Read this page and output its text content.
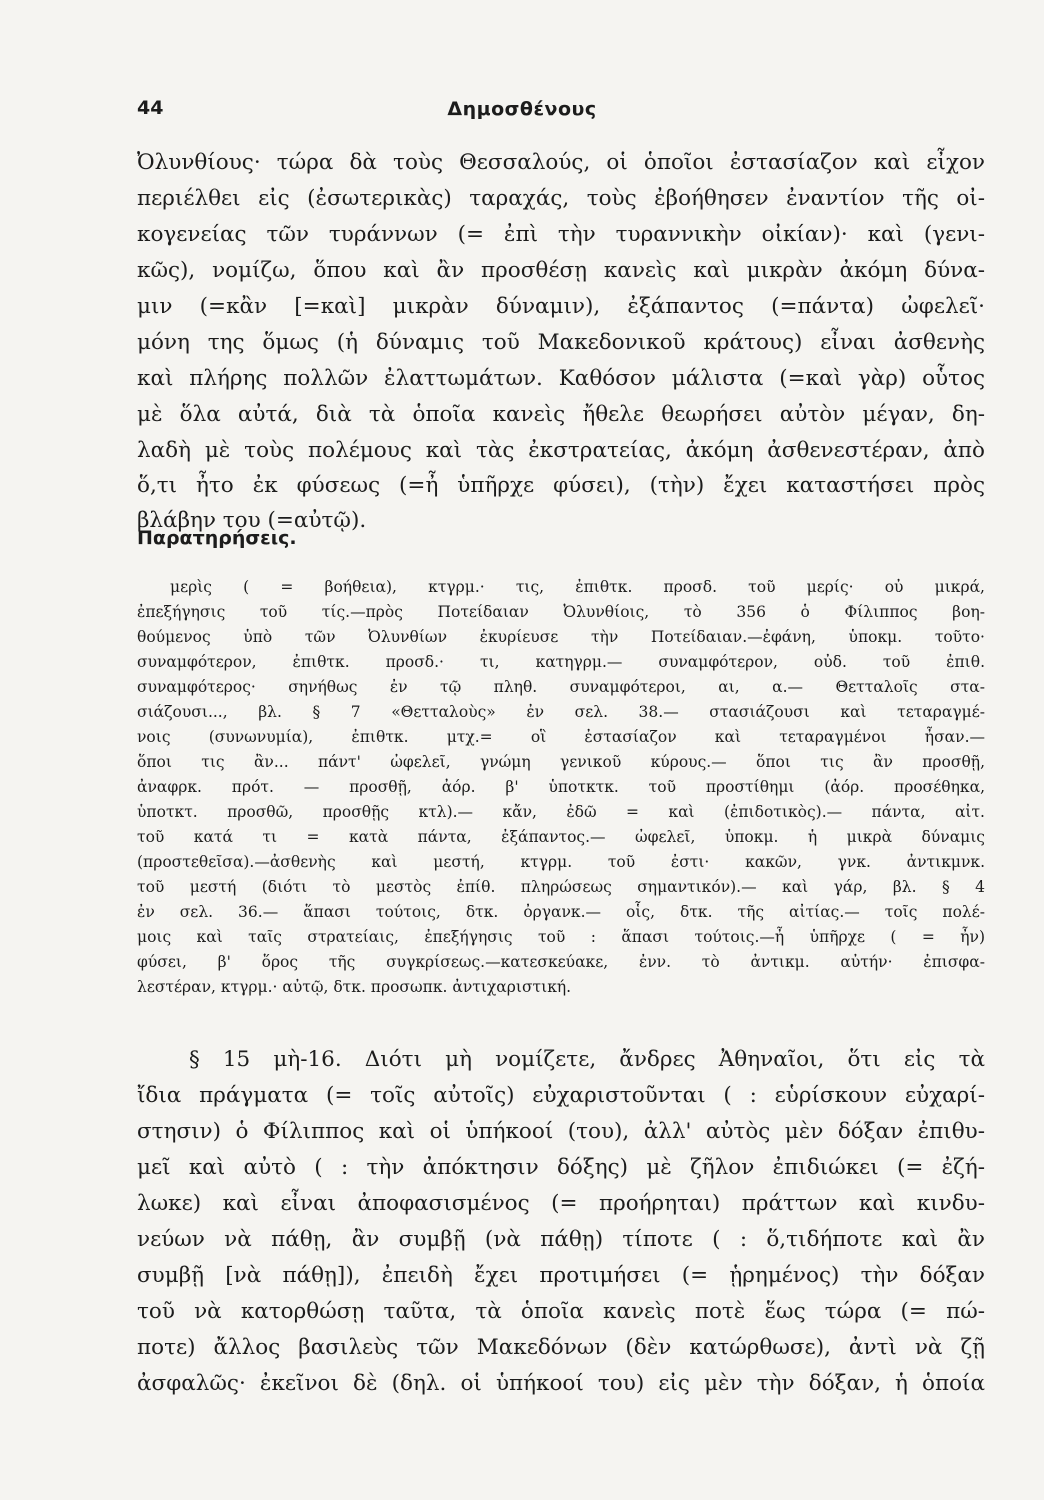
44	Δημοσθένους
Ὀλυνθίους· τώρα δὰ τοὺς Θεσσαλούς, οἱ ὁποῖοι ἐστασίαζον καὶ εἶχον
περιέλθει εἰς (ἐσωτερικὰς) ταραχάς, τοὺς ἐβοήθησεν ἐναντίον τῆς οἰ-
κογενείας τῶν τυράννων (= ἐπὶ τὴν τυραννικὴν οἰκίαν)· καὶ (γενι-
κῶς), νομίζω, ὅπου καὶ ἂν προσθέσῃ κανεὶς καὶ μικρὰν ἀκόμη δύνα-
μιν (=κἂν [=καὶ] μικρὰν δύναμιν), ἐξάπαντος (=πάντα) ὠφελεῖ·
μόνη της ὅμως (ἡ δύναμις τοῦ Μακεδονικοῦ κράτους) εἶναι ἀσθενὴς
καὶ πλήρης πολλῶν ἐλαττωμάτων. Καθόσον μάλιστα (=καὶ γὰρ) οὗτος
μὲ ὅλα αὐτά, διὰ τὰ ὁποῖα κανεὶς ἤθελε θεωρήσει αὐτὸν μέγαν, δη-
λαδὴ μὲ τοὺς πολέμους καὶ τὰς ἐκστρατείας, ἀκόμη ἀσθενεστέραν, ἀπὸ
ὅ,τι ἦτο ἐκ φύσεως (=ἦ ὑπῆρχε φύσει), (τὴν) ἔχει καταστήσει πρὸς
βλάβην του (=αὐτῷ).
Παρατηρήσεις.
μερὶς ( = βοήθεια), κτγρμ.· τις, ἐπιθτκ. προσδ. τοῦ μερίς· οὐ μικρά,
ἐπεξήγησις τοῦ τίς.—πρὸς Ποτείδαιαν Ὀλυνθίοις, τὸ 356 ὁ Φίλιππος βοη-
θούμενος ὑπὸ τῶν Ὀλυνθίων ἐκυρίευσε τὴν Ποτείδαιαν.—ἐφάνη, ὑποκμ. τοῦτο·
συναμφότερον, ἐπιθτκ. προσδ.· τι, κατηγρμ.— συναμφότερον, οὐδ. τοῦ ἐπιθ.
συναμφότερος· σηνήθως ἐν τῷ πληθ. συναμφότεροι, αι, α.— Θετταλοῖς στα-
σιάζουσι..., βλ. § 7 «Θετταλοὺς» ἐν σελ. 38.— στασιάζουσι καὶ τεταραγμέ-
νοις (συνωνυμία), ἐπιθτκ. μτχ.= οἳ ἐστασίαζον καὶ τεταραγμένοι ἦσαν.—
ὅποι τις ἂν... πάντ' ὠφελεῖ, γνώμη γενικοῦ κύρους.— ὅποι τις ἂν προσθῇ,
ἀναφρκ. πρότ. — προσθῇ, ἀόρ. β' ὑποτκτκ. τοῦ προστίθημι (ἀόρ. προσέθηκα,
ὑποτκτ. προσθῶ, προσθῇς κτλ).— κἄν, ἐδῶ = καὶ (ἐπιδοτικὸς).— πάντα, αἰτ.
τοῦ κατά τι = κατὰ πάντα, ἐξάπαντος.— ὠφελεῖ, ὑποκμ. ἡ μικρὰ δύναμις
(προστεθεῖσα).—ἀσθενὴς καὶ μεστή, κτγρμ. τοῦ ἐστι· κακῶν, γνκ. ἀντικμνκ.
τοῦ μεστή (διότι τὸ μεστὸς ἐπίθ. πληρώσεως σημαντικόν).— καὶ γάρ, βλ. § 4
ἐν σελ. 36.— ἅπασι τούτοις, δτκ. ὀργανκ.— οἷς, δτκ. τῆς αἰτίας.— τοῖς πολέ-
μοις καὶ ταῖς στρατείαις, ἐπεξήγησις τοῦ : ἅπασι τούτοις.—ἦ ὑπῆρχε ( = ἦν)
φύσει, β' ὅρος τῆς συγκρίσεως.—κατεσκεύακε, ἐνν. τὸ ἀντικμ. αὐτήν· ἐπισφα-
λεστέραν, κτγρμ.· αὐτῷ, δτκ. προσωπκ. ἀντιχαριστική.
§ 15 μὴ-16. Διότι μὴ νομίζετε, ἄνδρες Ἀθηναῖοι, ὅτι εἰς τὰ
ἴδια πράγματα (= τοῖς αὐτοῖς) εὐχαριστοῦνται ( : εὑρίσκουν εὐχαρί-
στησιν) ὁ Φίλιππος καὶ οἱ ὑπήκοοί (του), ἀλλ' αὐτὸς μὲν δόξαν ἐπιθυ-
μεῖ καὶ αὐτὸ ( : τὴν ἀπόκτησιν δόξης) μὲ ζῆλον ἐπιδιώκει (= ἐζή-
λωκε) καὶ εἶναι ἀποφασισμένος (= προήρηται) πράττων καὶ κινδυ-
νεύων νὰ πάθῃ, ἂν συμβῇ (νὰ πάθῃ) τίποτε ( : ὅ,τιδήποτε καὶ ἂν
συμβῇ [νὰ πάθῃ]), ἐπειδὴ ἔχει προτιμήσει (= ᾑρημένος) τὴν δόξαν
τοῦ νὰ κατορθώσῃ ταῦτα, τὰ ὁποῖα κανεὶς ποτὲ ἕως τώρα (= πώ-
ποτε) ἄλλος βασιλεὺς τῶν Μακεδόνων (δὲν κατώρθωσε), ἀντὶ νὰ ζῇ
ἀσφαλῶς· ἐκεῖνοι δὲ (δηλ. οἱ ὑπήκοοί του) εἰς μὲν τὴν δόξαν, ἡ ὁποία
